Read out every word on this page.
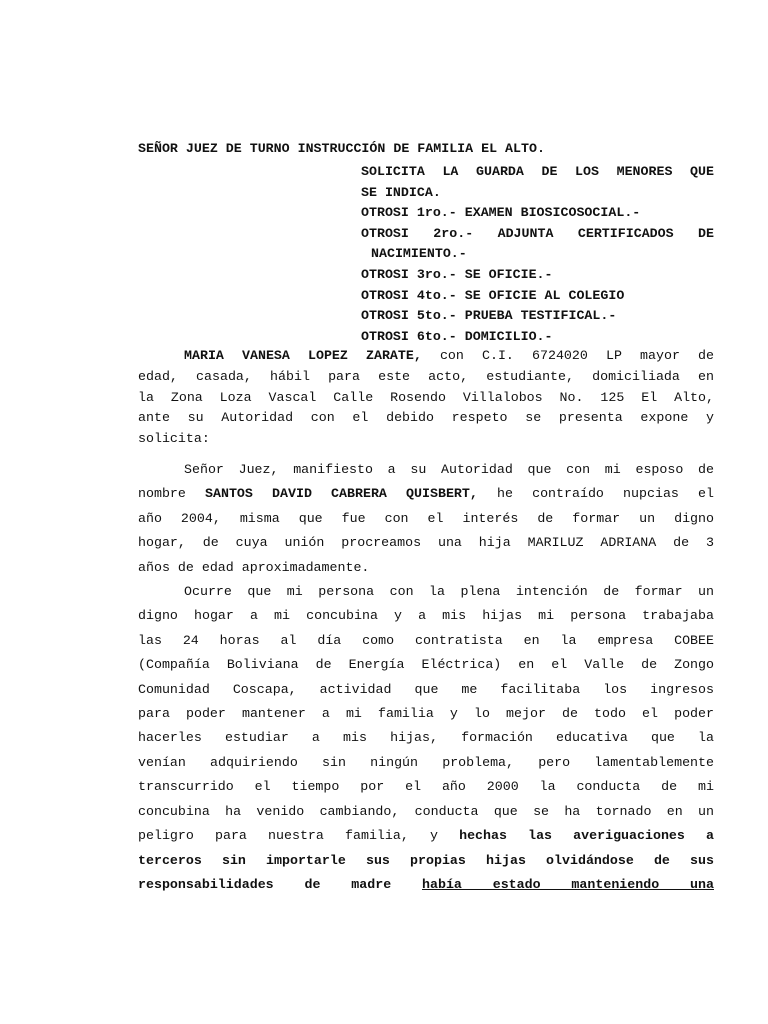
SEÑOR JUEZ DE TURNO INSTRUCCIÓN DE FAMILIA EL ALTO.
SOLICITA LA GUARDA DE LOS MENORES QUE
SE INDICA.
OTROSI 1ro.- EXAMEN BIOSICOSOCIAL.-
OTROSI 2ro.- ADJUNTA CERTIFICADOS DE
NACIMIENTO.-
OTROSI 3ro.- SE OFICIE.-
OTROSI 4to.- SE OFICIE AL COLEGIO
OTROSI 5to.- PRUEBA TESTIFICAL.-
OTROSI 6to.- DOMICILIO.-
MARIA VANESA LOPEZ ZARATE, con C.I. 6724020 LP mayor de
edad, casada, hábil para este acto, estudiante, domiciliada en
la Zona Loza Vascal Calle Rosendo Villalobos No. 125 El Alto,
ante su Autoridad con el debido respeto se presenta expone y
solicita:
Señor Juez, manifiesto a su Autoridad que con mi esposo de
nombre SANTOS DAVID CABRERA QUISBERT, he contraído nupcias el
año 2004, misma que fue con el interés de formar un digno
hogar, de cuya unión procreamos una hija MARILUZ ADRIANA de 3
años de edad aproximadamente.
Ocurre que mi persona con la plena intención de formar un
digno hogar a mi concubina y a mis hijas mi persona trabajaba
las 24 horas al día como contratista en la empresa COBEE
(Compañía Boliviana de Energía Eléctrica) en el Valle de Zongo
Comunidad Coscapa, actividad que me facilitaba los ingresos
para poder mantener a mi familia y lo mejor de todo el poder
hacerles estudiar a mis hijas, formación educativa que la
venían adquiriendo sin ningún problema, pero lamentablemente
transcurrido el tiempo por el año 2000 la conducta de mi
concubina ha venido cambiando, conducta que se ha tornado en un
peligro para nuestra familia, y hechas las averiguaciones a
terceros sin importarle sus propias hijas olvidándose de sus
responsabilidades de madre había estado manteniendo una
